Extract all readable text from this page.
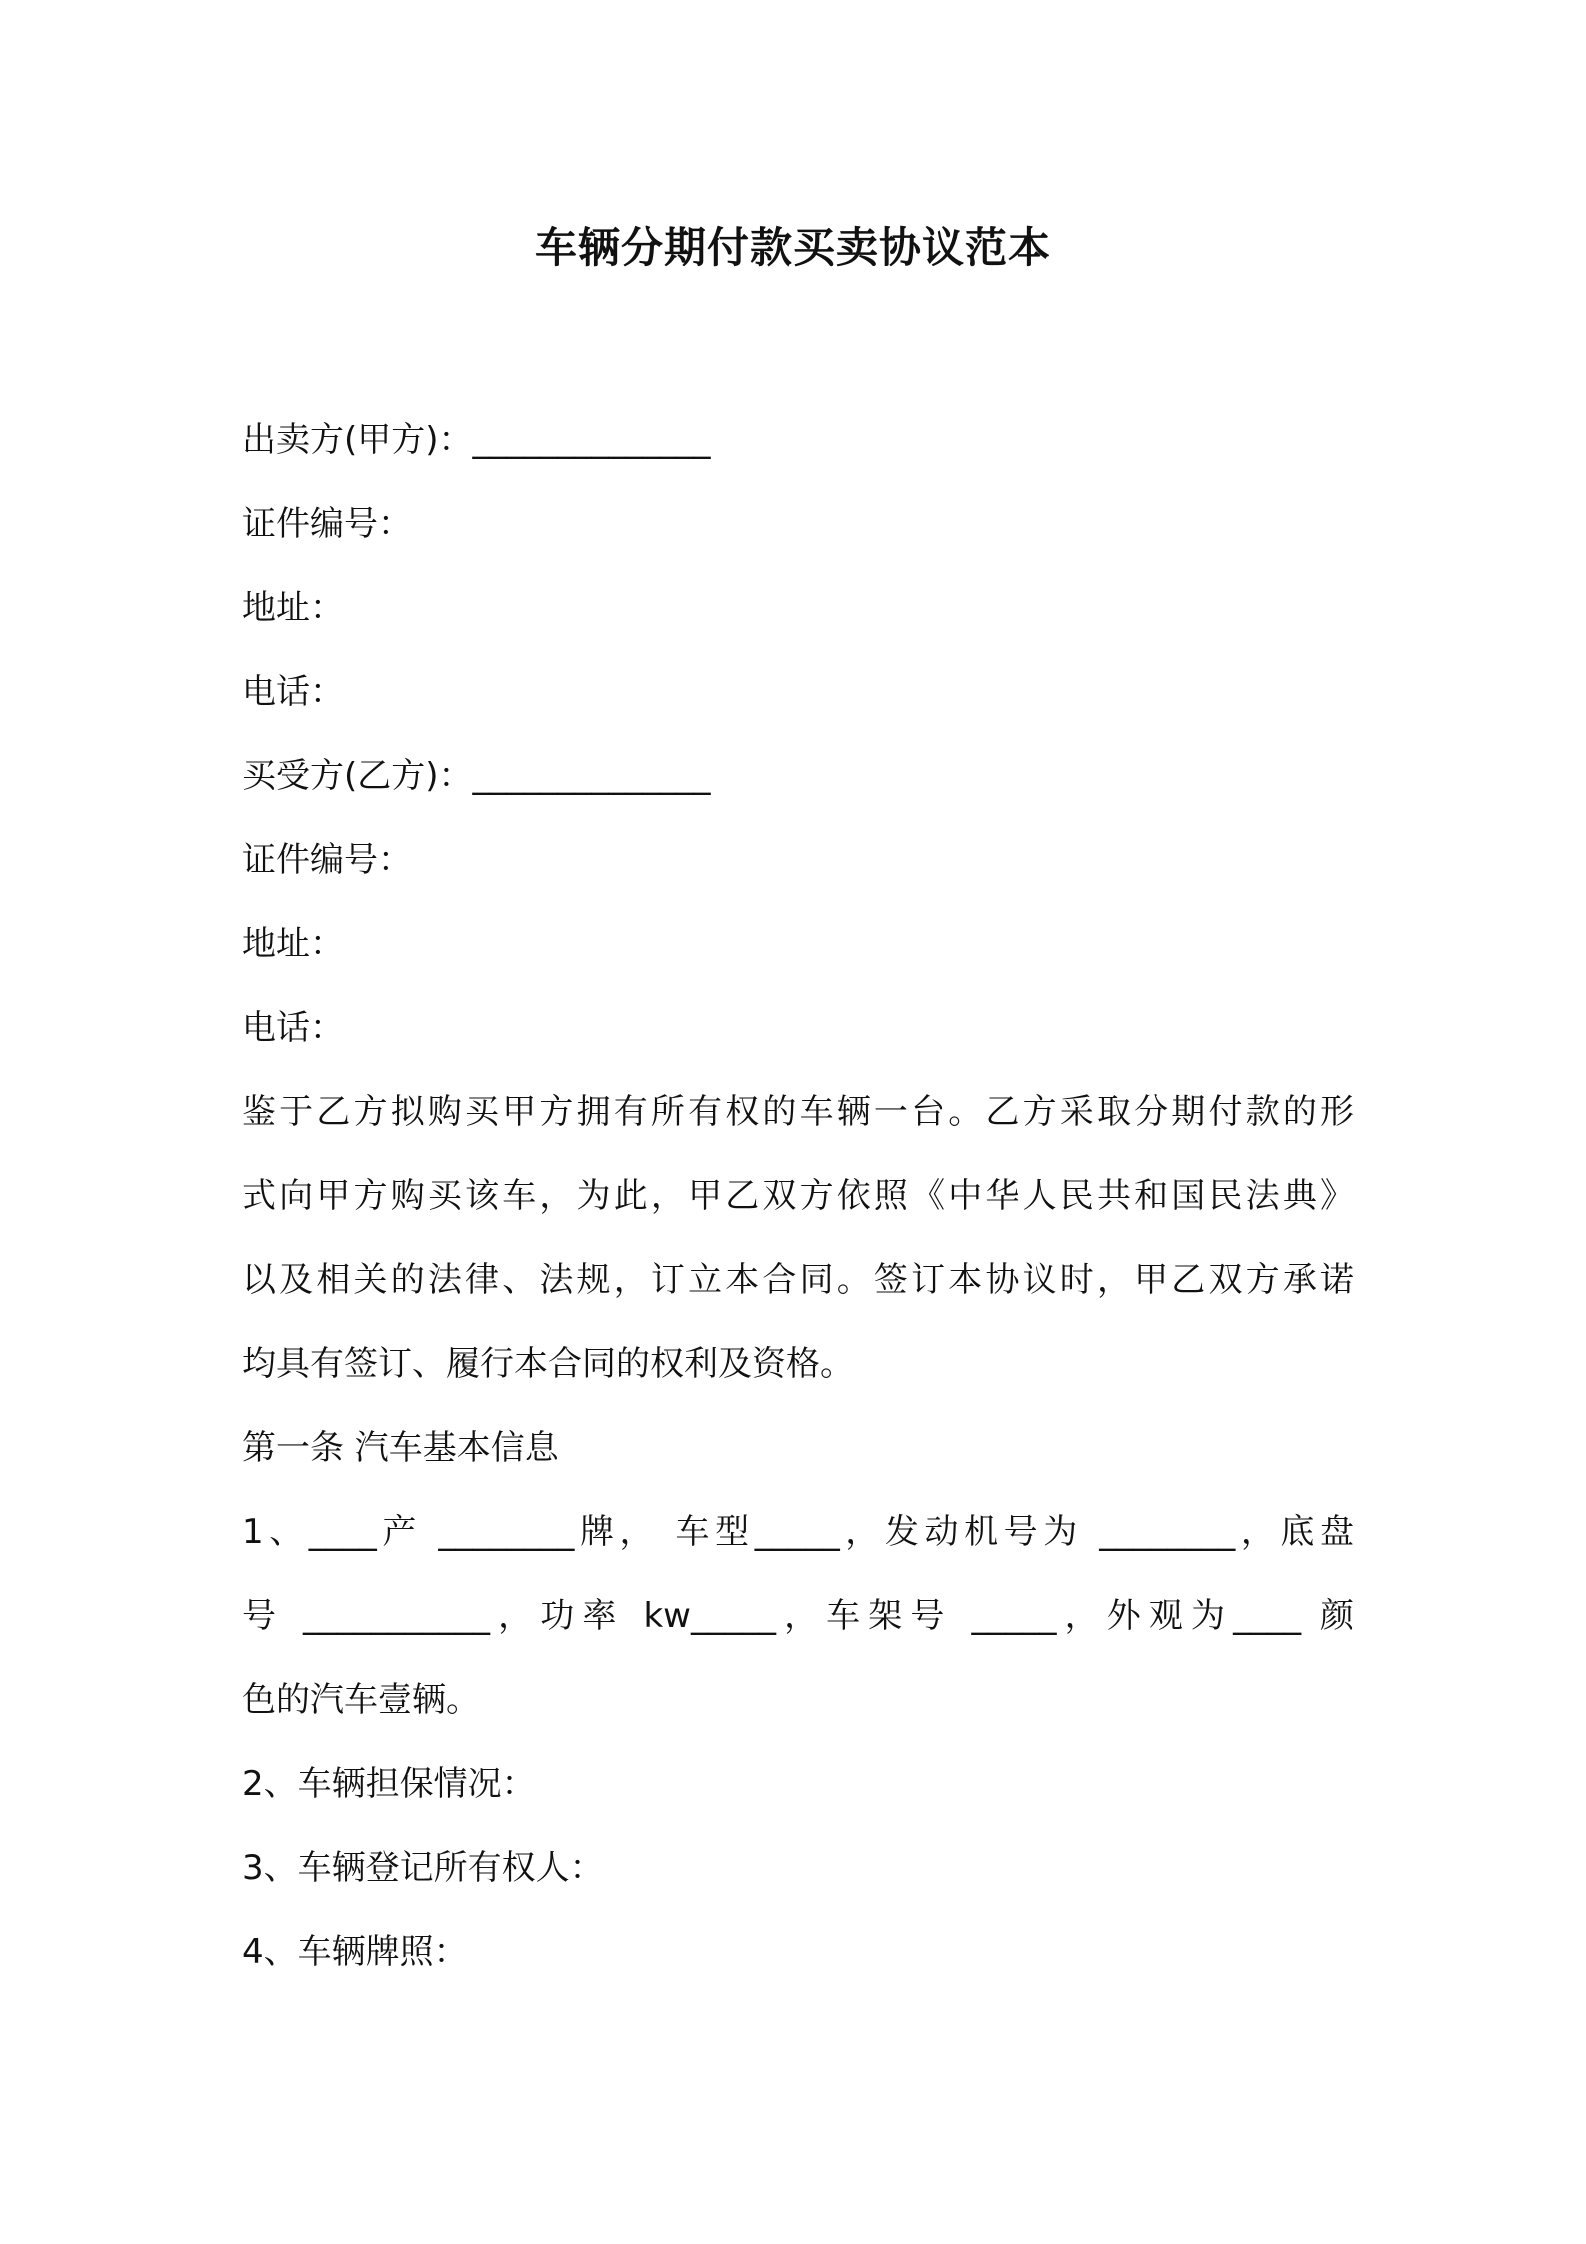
车辆分期付款买卖协议范本
出卖方(甲方)：______________
证件编号：
地址：
电话：
买受方(乙方)：______________
证件编号：
地址：
电话：
鉴于乙方拟购买甲方拥有所有权的车辆一台。乙方采取分期付款的形
式向甲方购买该车，为此，甲乙双方依照《中华人民共和国民法典》
以及相关的法律、法规，订立本合同。签订本协议时，甲乙双方承诺
均具有签订、履行本合同的权利及资格。
第一条 汽车基本信息
1、____产 ________牌， 车型_____，发动机号为 ________，底盘
号 ___________，功率 kw_____，车架号 _____，外观为____ 颜
色的汽车壹辆。
2、车辆担保情况：
3、车辆登记所有权人：
4、车辆牌照：
